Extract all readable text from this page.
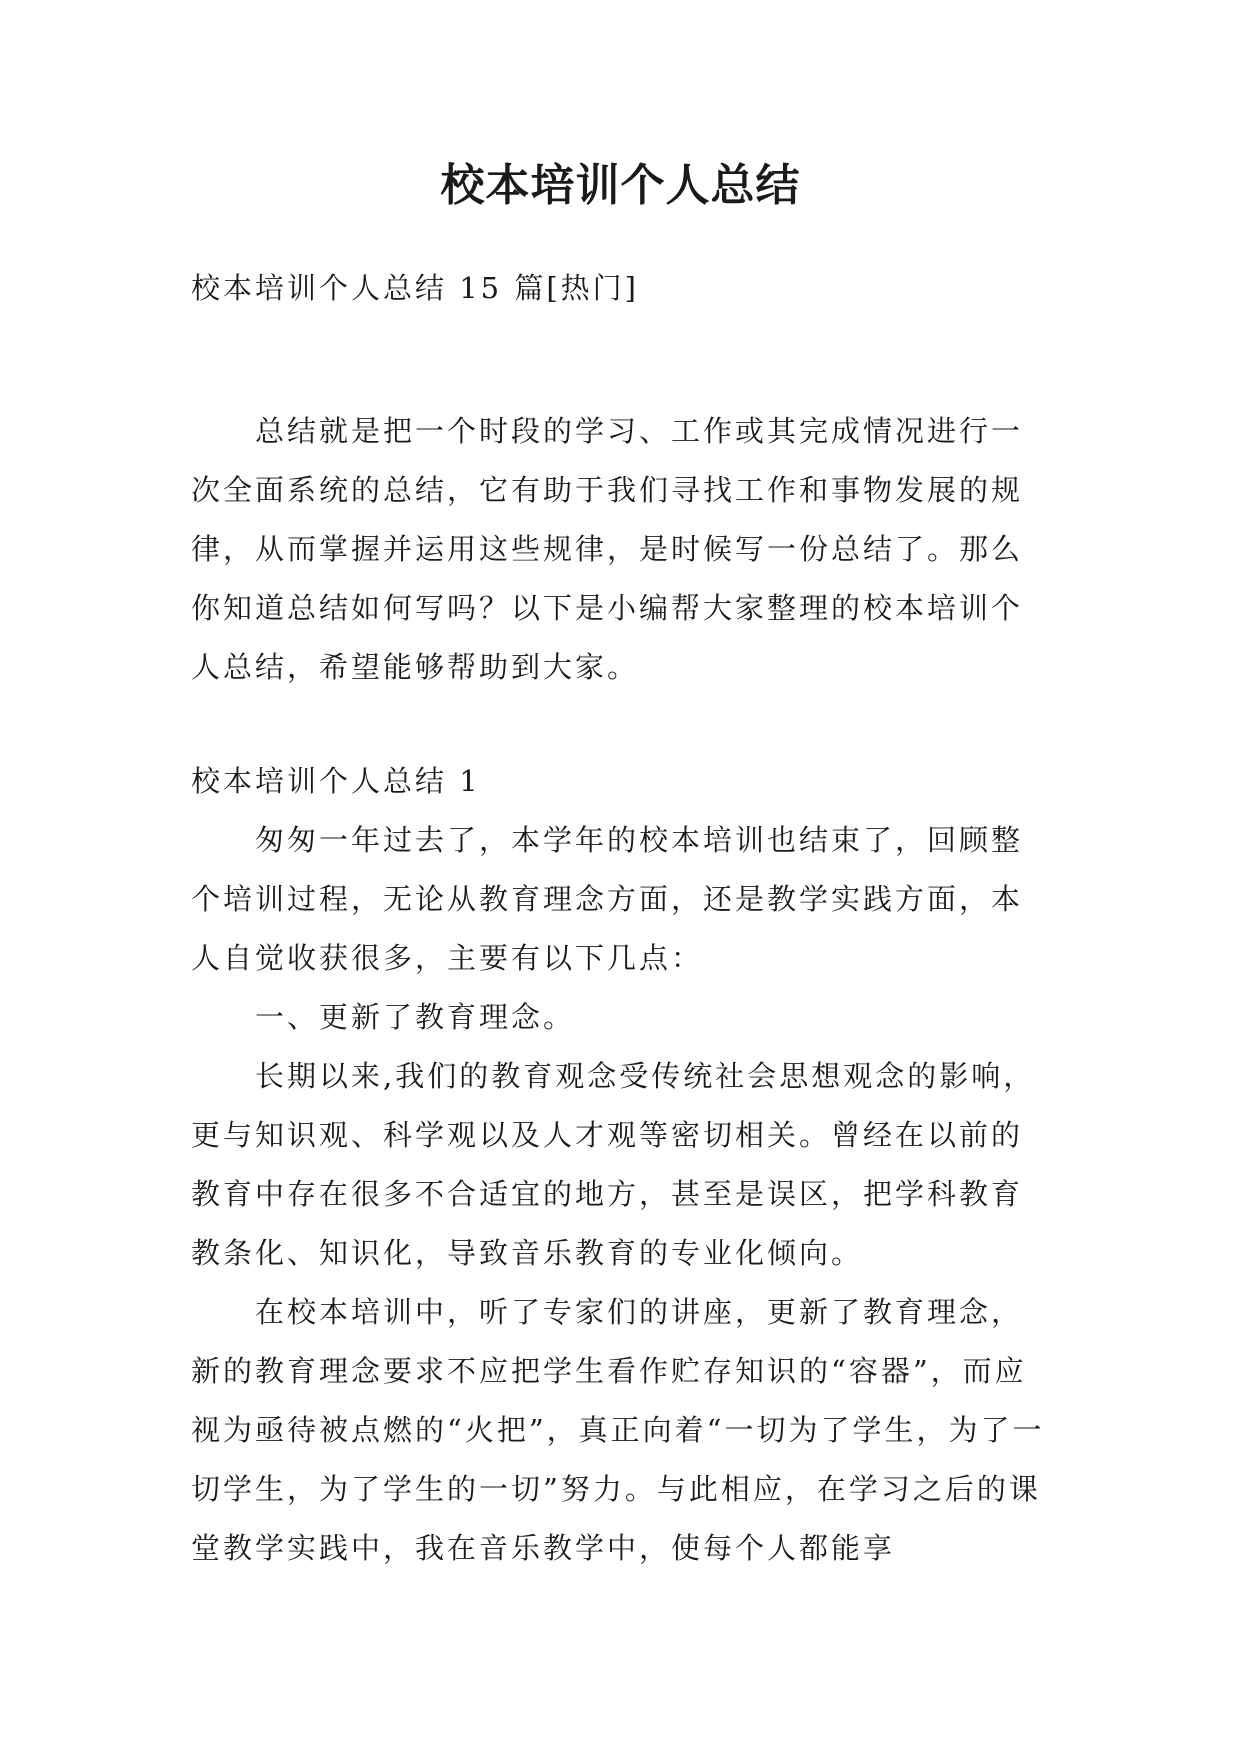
校本培训个人总结
校本培训个人总结 15 篇[热门]
总结就是把一个时段的学习、工作或其完成情况进行一次全面系统的总结，它有助于我们寻找工作和事物发展的规律，从而掌握并运用这些规律，是时候写一份总结了。那么你知道总结如何写吗？以下是小编帮大家整理的校本培训个人总结，希望能够帮助到大家。
校本培训个人总结 1

匆匆一年过去了，本学年的校本培训也结束了，回顾整个培训过程，无论从教育理念方面，还是教学实践方面，本人自觉收获很多，主要有以下几点：

一、更新了教育理念。

长期以来,我们的教育观念受传统社会思想观念的影响，更与知识观、科学观以及人才观等密切相关。曾经在以前的教育中存在很多不合适宜的地方，甚至是误区，把学科教育教条化、知识化，导致音乐教育的专业化倾向。

在校本培训中，听了专家们的讲座，更新了教育理念，新的教育理念要求不应把学生看作贮存知识的“容器”，而应视为亟待被点燃的“火把”，真正向着“一切为了学生，为了一切学生，为了学生的一切”努力。与此相应，在学习之后的课堂教学实践中，我在音乐教学中，使每个人都能享
